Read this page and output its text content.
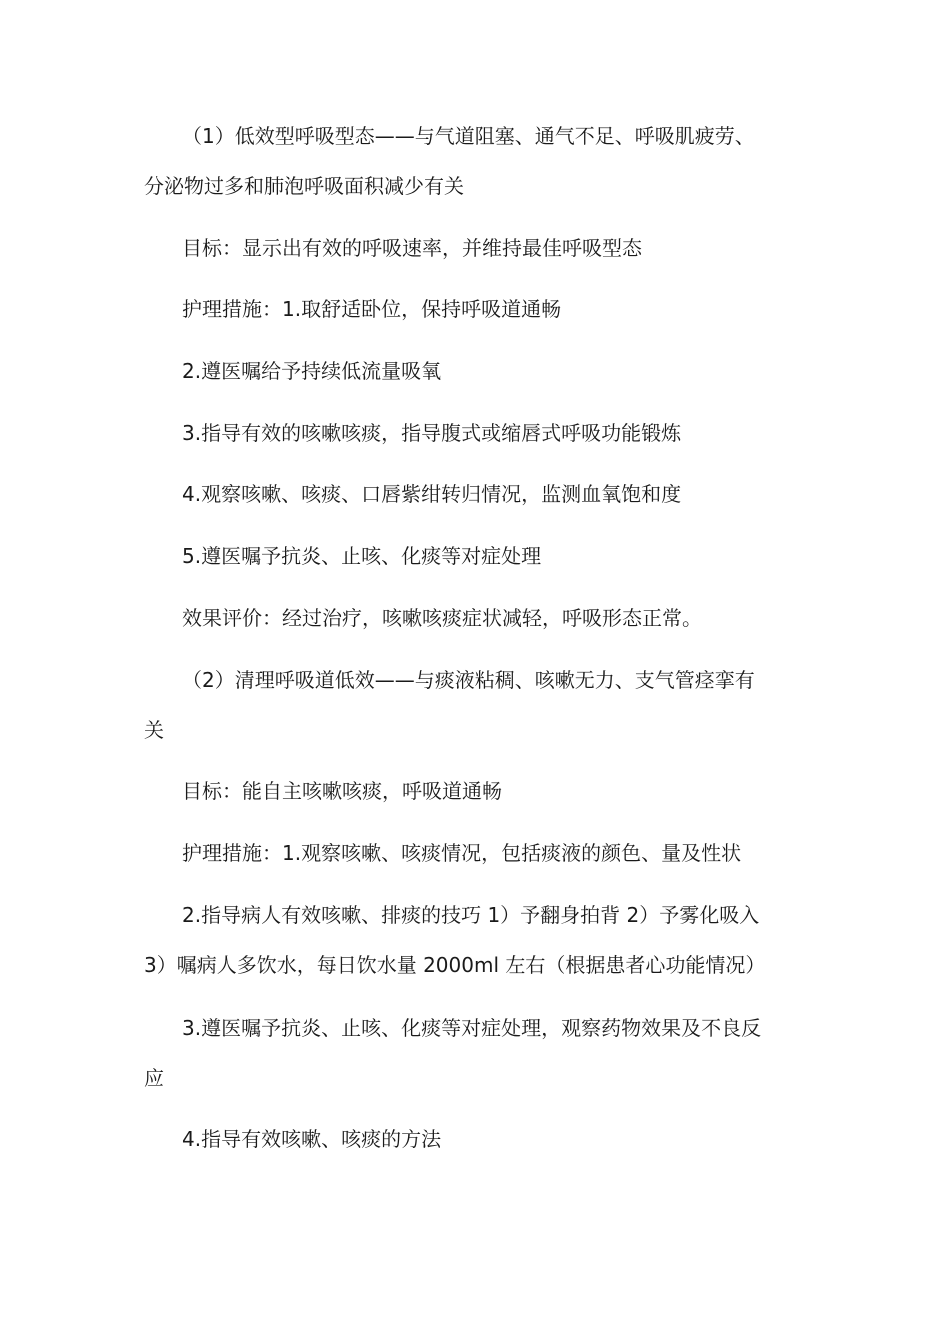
（1）低效型呼吸型态——与气道阻塞、通气不足、呼吸肌疲劳、
分泌物过多和肺泡呼吸面积减少有关
目标：显示出有效的呼吸速率，并维持最佳呼吸型态
护理措施：1.取舒适卧位，保持呼吸道通畅
2.遵医嘱给予持续低流量吸氧
3.指导有效的咳嗽咳痰，指导腹式或缩唇式呼吸功能锻炼
4.观察咳嗽、咳痰、口唇紫绀转归情况，监测血氧饱和度
5.遵医嘱予抗炎、止咳、化痰等对症处理
效果评价：经过治疗，咳嗽咳痰症状减轻，呼吸形态正常。
（2）清理呼吸道低效——与痰液粘稠、咳嗽无力、支气管痉挛有
关
目标：能自主咳嗽咳痰，呼吸道通畅
护理措施：1.观察咳嗽、咳痰情况，包括痰液的颜色、量及性状
2.指导病人有效咳嗽、排痰的技巧 1）予翻身拍背 2）予雾化吸入
3）嘱病人多饮水，每日饮水量 2000ml 左右（根据患者心功能情况）
3.遵医嘱予抗炎、止咳、化痰等对症处理，观察药物效果及不良反
应
4.指导有效咳嗽、咳痰的方法
